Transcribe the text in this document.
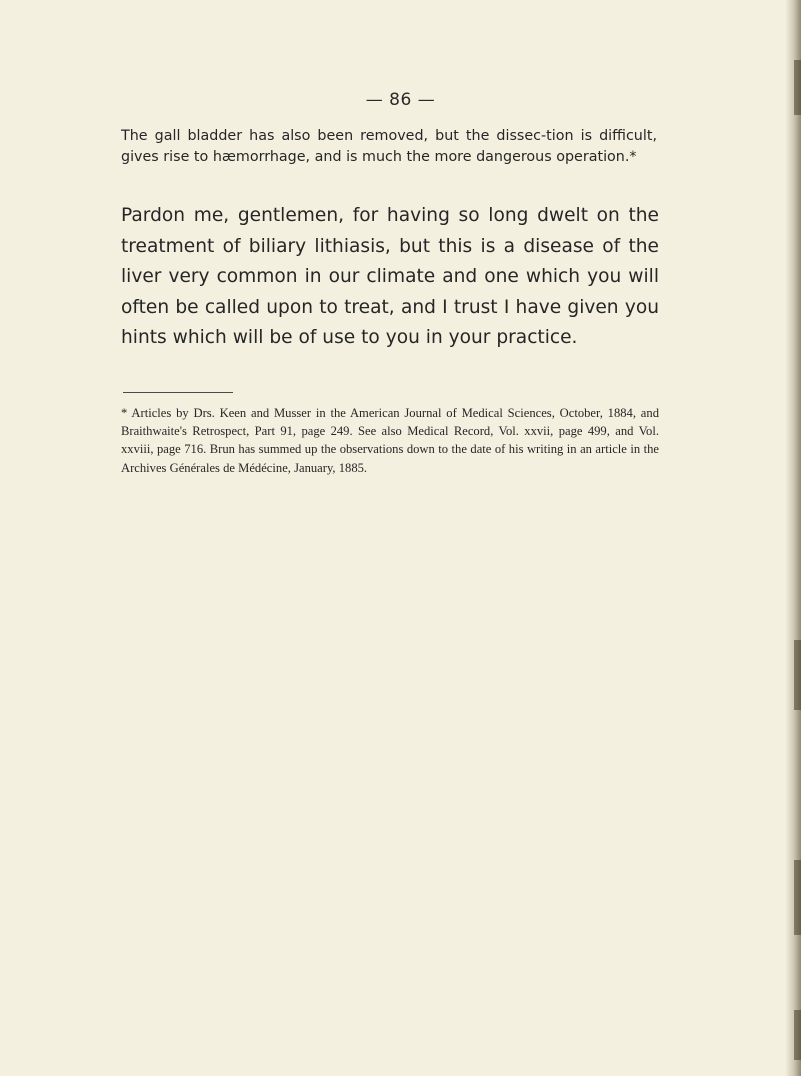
— 86 —
The gall bladder has also been removed, but the dissec-tion is difficult, gives rise to hæmorrhage, and is much the more dangerous operation.*
Pardon me, gentlemen, for having so long dwelt on the treatment of biliary lithiasis, but this is a disease of the liver very common in our climate and one which you will often be called upon to treat, and I trust I have given you hints which will be of use to you in your practice.
* Articles by Drs. Keen and Musser in the American Journal of Medical Sciences, October, 1884, and Braithwaite's Retrospect, Part 91, page 249. See also Medical Record, Vol. xxvii, page 499, and Vol. xxviii, page 716. Brun has summed up the observations down to the date of his writing in an article in the Archives Générales de Médécine, January, 1885.
